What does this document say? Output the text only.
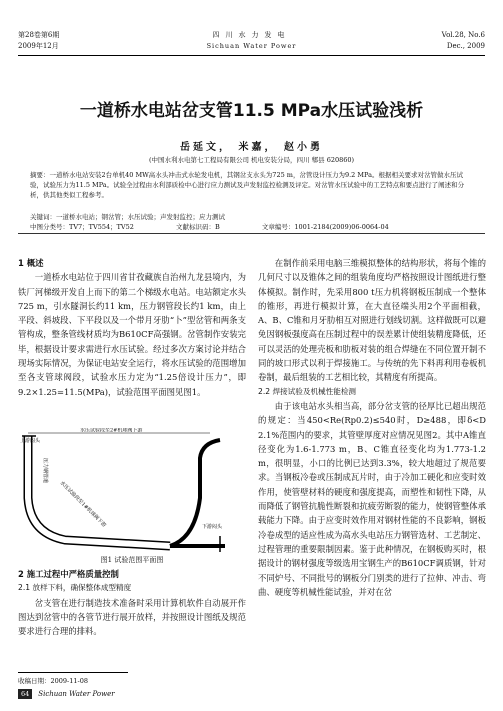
第28卷第6期
2009年12月
四川水力发电
Sichuan Water Power
Vol.28, No.6
Dec., 2009
一道桥水电站岔支管11.5 MPa水压试验浅析
岳延文， 米嘉， 赵小勇
(中国水利水电第七工程局有限公司 机电安装分局，四川 郫县 620860)
摘要：一道桥水电站安装2台单机40 MW高水头冲击式水轮发电机，其钢岔支水头为725 m，岔管设计压力为9.2 MPa。根据相关要求对岔管做水压试验，试验压力为11.5 MPa。试验全过程由水利部质检中心进行应力测试及声发射监控检测及评定。对岔管水压试验中的工艺特点和要点进行了阐述和分析，供其他类似工程参考。
关键词：一道桥水电站；钢岔管；水压试验；声发射监控；应力测试
中图分类号：TV7；TV554；TV52	文献标识码：B	文章编号：1001-2184(2009)06-0064-04
1 概述

一道桥水电站位于四川省甘孜藏族自治州九龙县境内，为铁厂河梯级开发自上而下的第二个梯级水电站。电站额定水头725 m，引水隧洞长约11 km，压力钢管段长约1 km，由上平段、斜坡段、下平段以及一个带月牙肋“卜”型岔管和两条支管构成，整条管线材质均为B610CF高强钢。岔管制作安装完毕，根据设计要求需进行水压试验。经过多次方案讨论并结合现场实际情况，为保证电站安全运行，将水压试验的范围增加至各支管球阀段，试验水压力定为“1.25倍设计压力”，即9.2×1.25=11.5(MPa)，试验范围平面图见图1。

上游闷头
水压试验段至2#机球阀下游
压力钢管道
水压试验段至1#机球阀下游	下游闷头
图1 试验范围平面图
2 施工过程中严格质量控制
2.1 放样下料，确保整体成型精度

岔支管在进行制造技术准备时采用计算机软件自动展开作图达到岔管中的各管节进行展开放样，并按照设计图纸及规范要求进行合理的排料。

收稿日期：2009-11-08

在制作前采用电脑三维模拟整体的结构形状，将每个锥的几何尺寸以及锥体之间的组装角度均严格按照设计图纸进行整体模拟。制作时，先采用800 t压力机将钢板压制成一个整体的锥形，再进行模拟计算，在大直径端头用2个平面相截，A、B、C锥和月牙肋相互对照进行划线切割。这样做既可以避免因钢板强度高在压制过程中的误差累计使组装精度降低，还可以灵活的处理壳板和肋板对装的组合焊缝在不同位置开制不同的坡口形式以利于焊接施工。与传统的先下料再利用卷板机卷制，最后组装的工艺相比较，其精度有所提高。

2.2 焊接试验及机械性能检测

由于该电站水头相当高，部分岔支管的径厚比已超出规范的规定：当450<Re(Rp0.2)≤540时，D≥488，即δ<D 2.1%范围内的要求，其管壁厚度对应情况见图2。其中A锥直径变化为1.6-1.773 m，B、C锥直径变化均为1.773-1.2 m，很明显，小口的比例已达到3.3%，较大地超过了规范要求。当钢板冷卷或压制成瓦片时，由于冷加工硬化和应变时效作用，使管壁材料的硬度和强度提高，而塑性和韧性下降，从而降低了钢管抗脆性断裂和抗疲劳断裂的能力，使钢管整体承载能力下降。由于应变时效作用对钢材性能的不良影响，钢板冷卷成型的适应性成为高水头电站压力钢管选材、工艺制定、过程管理的重要限制因素。鉴于此种情况，在钢板购买时，根据设计的钢材强度等级选用宝钢生产的B610CF调质钢，针对不同炉号、不同批号的钢板分门别类的进行了拉伸、冲击、弯曲、硬度等机械性能试验，并对在岔

64	Sichuan Water Power
